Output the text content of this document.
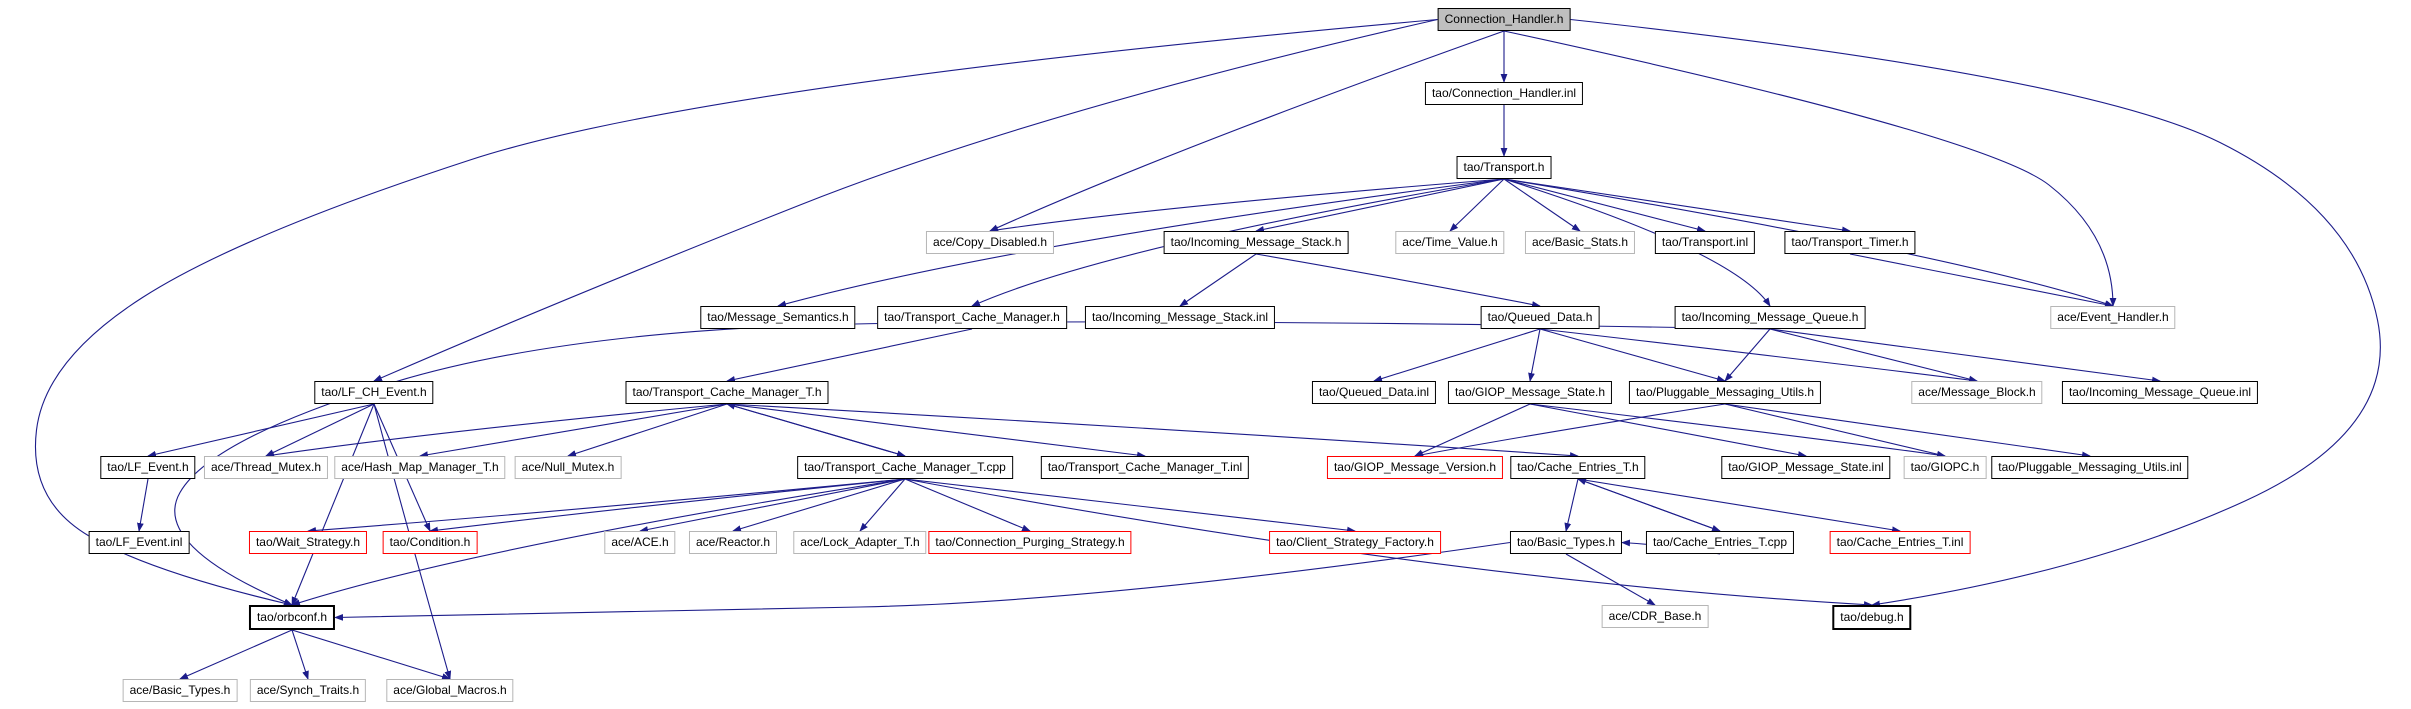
Connection_Handler.h
tao/Connection_Handler.inl
tao/Transport.h
ace/Copy_Disabled.h	tao/Incoming_Message_Stack.h	ace/Time_Value.h	ace/Basic_Stats.h	tao/Transport.inl	tao/Transport_Timer.h
tao/Message_Semantics.h	tao/Transport_Cache_Manager.h	tao/Incoming_Message_Stack.inl	tao/Queued_Data.h	tao/Incoming_Message_Queue.h	ace/Event_Handler.h
tao/LF_CH_Event.h	tao/Transport_Cache_Manager_T.h	tao/Queued_Data.inl	tao/GIOP_Message_State.h	tao/Pluggable_Messaging_Utils.h	ace/Message_Block.h	tao/Incoming_Message_Queue.inl
tao/LF_Event.h	ace/Thread_Mutex.h	ace/Hash_Map_Manager_T.h	ace/Null_Mutex.h	tao/Transport_Cache_Manager_T.cpp	tao/Transport_Cache_Manager_T.inl	tao/GIOP_Message_Version.h	tao/Cache_Entries_T.h	tao/GIOP_Message_State.inl	tao/GIOPC.h	tao/Pluggable_Messaging_Utils.inl
tao/LF_Event.inl	tao/Wait_Strategy.h	tao/Condition.h	ace/ACE.h	ace/Reactor.h	ace/Lock_Adapter_T.h	tao/Connection_Purging_Strategy.h	tao/Client_Strategy_Factory.h	tao/Basic_Types.h	tao/Cache_Entries_T.cpp	tao/Cache_Entries_T.inl
tao/orbconf.h	ace/CDR_Base.h	tao/debug.h
ace/Basic_Types.h	ace/Synch_Traits.h	ace/Global_Macros.h
